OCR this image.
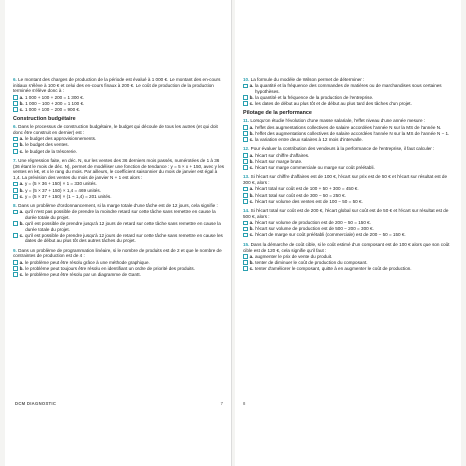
6. Le montant des charges de production de la période est évalué à 1 000 €. Le montant des en-cours initiaux s'élève à 100 € et celui des en-cours finaux à 200 €. Le coût de production de la production terminée s'élève donc à :
a. 1 000 + 100 + 200 = 1 300 €.
b. 1 000 − 100 + 200 = 1 100 €.
c. 1 000 + 100 − 200 = 900 €.
Construction budgétaire
6. Dans le processus de construction budgétaire, le budget qui découle de tous les autres (et qui doit donc être construit en dernier) est :
a. le budget des approvisionnements.
b. le budget des ventes.
c. le budget de la trésorerie.
7. Une régression faite, en déc. N, sur les ventes des 36 derniers mois passés, numérotées de 1 à 36 (36 étant le mois de déc. N), permet de modéliser une fonction de tendance : y = 5 × x + 150, avec y les ventes en k€, et x le rang du mois. Par ailleurs, le coefficient saisonnier du mois de janvier est égal à 1,4. La prévision des ventes du mois de janvier N + 1 est alors :
a. y = (5 × 36 + 150) × 1 = 330 unités.
b. y = (5 × 37 + 150) × 1,4 = 469 unités.
c. y = (5 × 37 + 150) × (1 − 1,4) = 201 unités.
8. Dans un problème d'ordonnancement, si la marge totale d'une tâche est de 12 jours, cela signifie :
a. qu'il n'est pas possible de prendre la moindre retard sur cette tâche sans remettre en cause la durée totale du projet.
b. qu'il est possible de prendre jusqu'à 12 jours de retard sur cette tâche sans remettre en cause la durée totale du projet.
c. qu'il est possible de prendre jusqu'à 12 jours de retard sur cette tâche sans remettre en cause les dates de début au plus tôt des autres tâches du projet.
9. Dans un problème de programmation linéaire, si le nombre de produits est de 2 et que le nombre de contraintes de production est de 4 :
a. le problème peut être résolu grâce à une méthode graphique.
b. le problème peut toujours être résolu en identifiant un ordre de priorité des produits.
c. le problème peut être résolu par un diagramme de Gantt.
DCM DIAGNOSTIC	7
10. La formule du modèle de Wilson permet de déterminer :
a. la quantité et la fréquence des commandes de matières ou de marchandises sous certaines hypothèses.
b. la quantité et la fréquence de la production de l'entreprise.
c. les dates de début au plus tôt et de début au plus tard des tâches d'un projet.
Pilotage de la performance
11. Lorsqu'on étudie l'évolution d'une masse salariale, l'effet niveau d'une année mesure :
a. l'effet des augmentations collectives de salaire accordées l'année N sur la MS de l'année N.
b. l'effet des augmentations collectives de salaire accordées l'année N sur la MS de l'année N − 1.
c. la variation entre deux salaires à 12 mois d'intervalle.
12. Pour évaluer la contribution des vendeurs à la performance de l'entreprise, il faut calculer :
a. l'écart sur chiffre d'affaires.
b. l'écart sur marge brute.
c. l'écart sur marge commerciale ou marge sur coût préétabli.
13. Si l'écart sur chiffre d'affaires est de 100 €, l'écart sur prix est de 50 € et l'écart sur résultat est de 300 €, alors :
a. l'écart total sur coût est de 100 + 50 + 300 = 450 €.
b. l'écart total sur coût est de 300 − 50 = 250 €.
c. l'écart sur volume des ventes est de 100 − 50 = 50 €.
14. Si l'écart total sur coût est de 200 €, l'écart global sur coût est de 50 € et l'écart sur résultat est de 500 €, alors :
a. l'écart sur volume de production est de 200 − 50 = 150 €.
b. l'écart sur volume de production est de 500 − 200 = 300 €.
c. l'écart de marge sur coût préétabli (commerciale) est de 200 − 50 = 150 €.
15. Dans la démarche de coût cible, si le coût estimé d'un composant est de 100 € alors que son coût cible est de 120 €, cela signifie qu'il faut :
a. augmenter le prix de vente du produit.
b. tenter de diminuer le coût de production du composant.
c. tenter d'améliorer le composant, quitte à en augmenter le coût de production.
8
